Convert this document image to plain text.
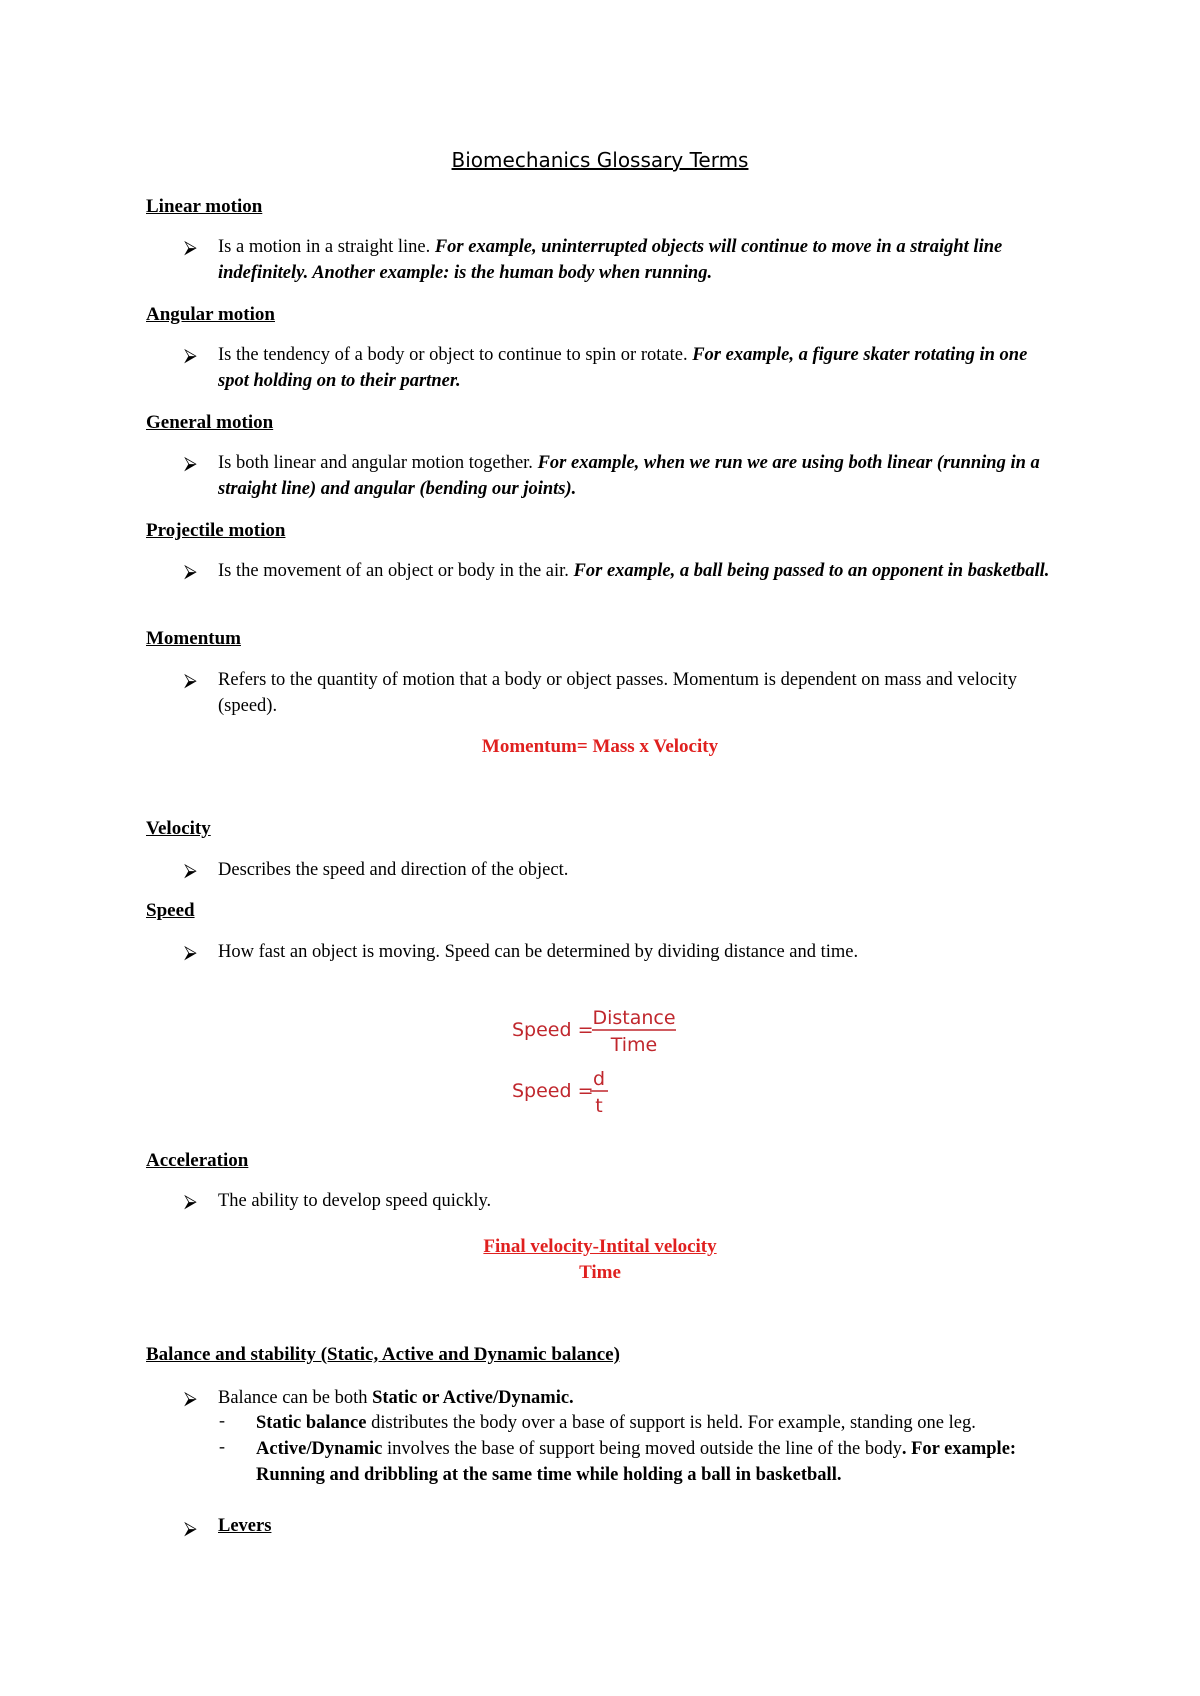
Biomechanics Glossary Terms
Linear motion
⮚ Is a motion in a straight line. For example, uninterrupted objects will continue to move in a straight line indefinitely. Another example: is the human body when running.
Angular motion
⮚ Is the tendency of a body or object to continue to spin or rotate. For example, a figure skater rotating in one spot holding on to their partner.
General motion
⮚ Is both linear and angular motion together. For example, when we run we are using both linear (running in a straight line) and angular (bending our joints).
Projectile motion
⮚ Is the movement of an object or body in the air. For example, a ball being passed to an opponent in basketball.
Momentum
⮚ Refers to the quantity of motion that a body or object passes. Momentum is dependent on mass and velocity (speed).
Momentum= Mass x Velocity
Velocity
⮚ Describes the speed and direction of the object.
Speed
⮚ How fast an object is moving. Speed can be determined by dividing distance and time.
Speed =
Distance
Time
Speed =
d
t
Acceleration
⮚ The ability to develop speed quickly.
Final velocity-Intital velocity
Time
Balance and stability (Static, Active and Dynamic balance)
⮚ Balance can be both Static or Active/Dynamic.
- Static balance distributes the body over a base of support is held. For example, standing one leg.
- Active/Dynamic involves the base of support being moved outside the line of the body. For example: Running and dribbling at the same time while holding a ball in basketball.
⮚ Levers
